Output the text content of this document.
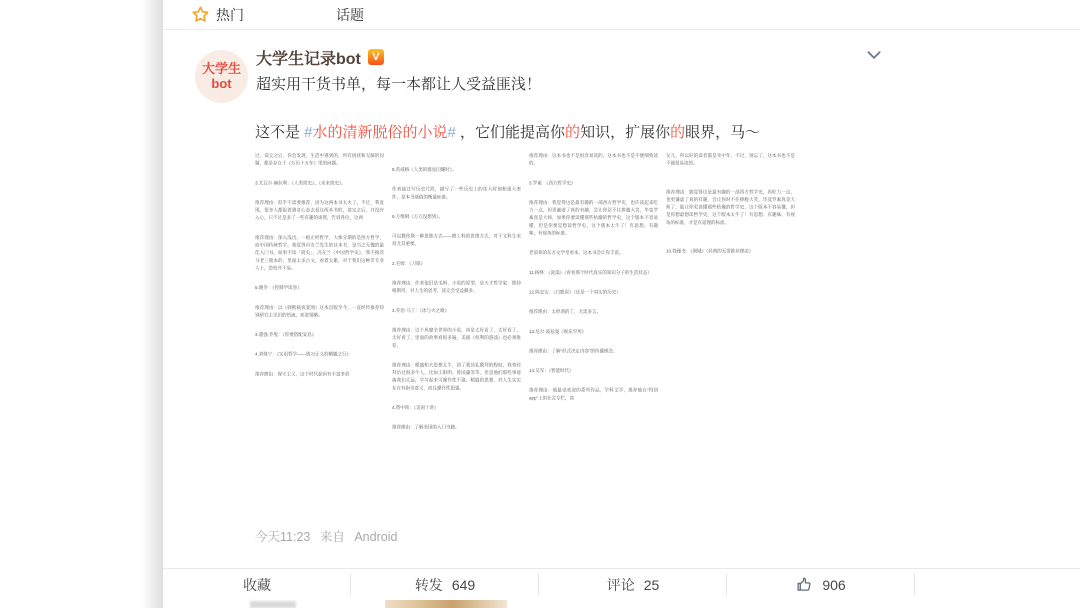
热门	话题
大学生
bot
大学生记录bot	V
超实用干货书单，每一本都让人受益匪浅！

这不是 #水的清新脱俗的小说# ，它们能提高你的知识，扩展你的眼界，马～

过，读完之后，你会发现，生活中遇到的，所有困扰和无解的问题，都是存在于《万历十五年》里的问题。

3.尤瓦尔·赫拉利：《人类简史》、《未来简史》。

推荐理由：似乎不需要推荐，因为这两本书太火了。不过，我发现，很多人都报着猎奇心态去看这两本书的，读完之后，并没有入心，只不过是多了一些有趣的谈资，告诉各位，这两

推荐理由：深入浅出、一板正经哲学，大师分期的是西方哲学，而中国传统哲学，我觉得冯友兰先生的这本书，是当之无愧的最佳入门书。如果不读「简史」，冯友兰《中国哲学史》，我不推荐马老三版本的，里面太多古文，看着太累，对于我们这种非专业人士，恐怕并不易。

5.晓冬：《控制学读卷》

推荐理由：以《韩熙载夜宴图》这本出版至今，一直经传推荐特别研究主见识的热流，欢迎领略。

3.董强 乔叟：《你要搭配安息》

4.刘姝宁：《实用哲学——练习正义的精髓之行》

推荐理由：保守主义，这个时代起码有丰富多彩

8.茨威格《人类的群星闪耀时》。

作者通过写历史片段，描写了一些历史上的伟大时刻和重大事件，是本书颜值的衡量标准。

9.万维钢《万万没想到》。

可以教你换一种思维方式——理工科的思维方式，对于文科生来说尤其重要。

2.毛姆：《刀锋》

推荐理由：作者依旧是毛姆，小说的原型，是天才哲学家：维特根斯坦，对人生的思考，读完会受益颇多。

3.乔治·马丁：《冰与火之歌》

推荐理由：这个风靡全世界的小说，真是太好看了，太好看了，太好看了，里面的故事看很多遍，美剧《权利的游戏》也必须推荐。

推荐理由：稻盛和夫思想太牛，到了我顶礼膜拜的程度，我曾经拜访过很多牛人，比如王阳明、曾国藩等等，但是他们那些事迹离我们太远，学习起来可操作性不强，稻盛的思想，对人生实实在在有指导意义，而且操作性很强。

4.资中筠：《美国十讲》

推荐理由：了解美国的入门书籍。

推荐理由：这本书也不是很容易读的，这本书也不是不便细致读的。

3.罗素：《西方哲学史》

推荐理由：我觉得这是最有趣的一部西方哲学史，也许读起来吃力一点，但更谦虚了真的有趣，会让你忍不住捧腹大笑，毕竟罗素真是大师，如果你要读懂那些枯燥的哲学史，这个版本不容易懂，但是你要是想读哲学史，这个版本太牛了！有思想、有趣味、有视角的标准。

老前辈的东方文学堂看本，这本书会让你丰富。

11.杨绛：《洗澡》（看看那个时代真实的知识分子的生活状态）

12.陈忠实：《白鹿原》（还是一个真实的历史）

推荐理由：太经典的了，无需多言。

13.尼尔·波兹曼《娱乐至死》

推荐理由：了解“形式决定内容”的传播理念。

14.吴军：《智能时代》

推荐理由：他最受欢迎的系列作品，学科文学，推荐他在“得到app”上的社会专栏，读

女儿，所以好的读者都是幸中年，不过，别忘了，这本书也不是不便很易读的。

推荐理由：就觉得这是最有趣的一部西方哲学史，再吃力一点，也更谦虚了真的有趣，会让你时不住捧腹大笑，毕竟罗素真是大师了，能让你更读懂那些枯燥的哲学史，这个版本不容易懂，但是你想最想读哲学史，这个版本太牛了！有思想、有趣味、有视角的标准，才是有道理的标准。

10.钱锺书：《围城》（经典的无需推荐理由）

今天11:23 来自 Android
收藏	转发 649	评论 25	906
